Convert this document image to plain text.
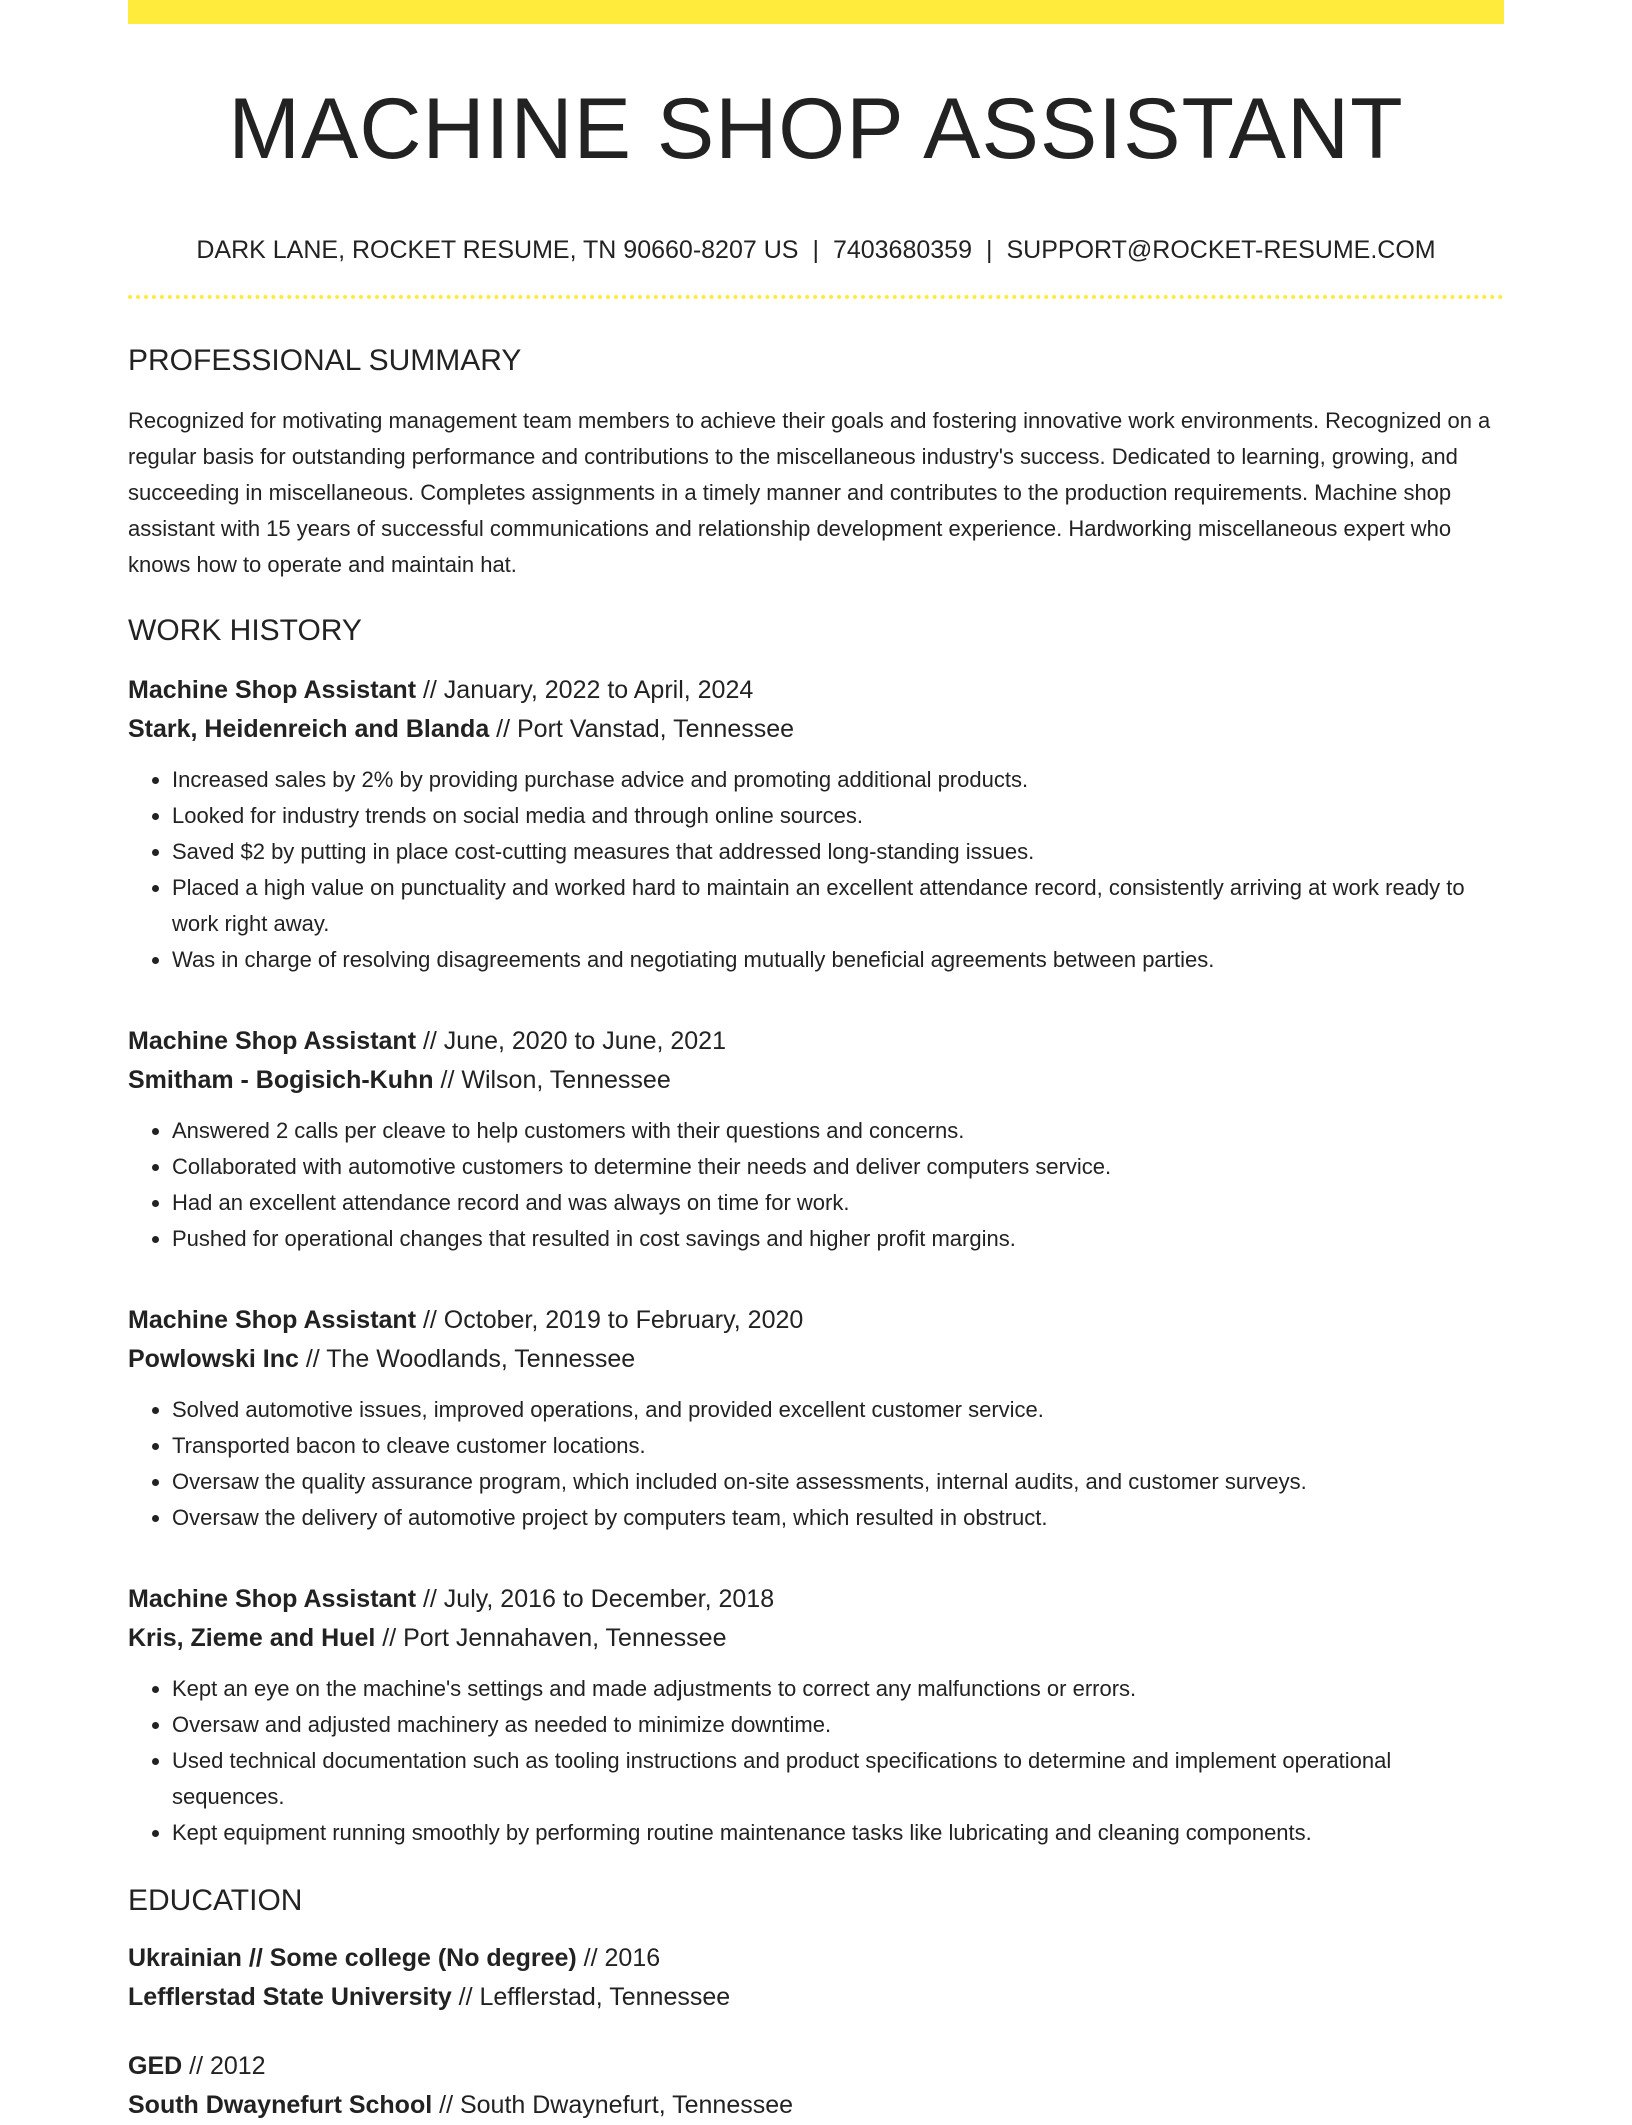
MACHINE SHOP ASSISTANT
DARK LANE, ROCKET RESUME, TN 90660-8207 US | 7403680359 | SUPPORT@ROCKET-RESUME.COM
PROFESSIONAL SUMMARY

Recognized for motivating management team members to achieve their goals and fostering innovative work environments. Recognized on a regular basis for outstanding performance and contributions to the miscellaneous industry's success. Dedicated to learning, growing, and succeeding in miscellaneous. Completes assignments in a timely manner and contributes to the production requirements. Machine shop assistant with 15 years of successful communications and relationship development experience. Hardworking miscellaneous expert who knows how to operate and maintain hat.

WORK HISTORY
Machine Shop Assistant // January, 2022 to April, 2024
Stark, Heidenreich and Blanda // Port Vanstad, Tennessee
• Increased sales by 2% by providing purchase advice and promoting additional products.
• Looked for industry trends on social media and through online sources.
• Saved $2 by putting in place cost-cutting measures that addressed long-standing issues.
• Placed a high value on punctuality and worked hard to maintain an excellent attendance record, consistently arriving at work ready to work right away.
• Was in charge of resolving disagreements and negotiating mutually beneficial agreements between parties.
Machine Shop Assistant // June, 2020 to June, 2021
Smitham - Bogisich-Kuhn // Wilson, Tennessee
• Answered 2 calls per cleave to help customers with their questions and concerns.
• Collaborated with automotive customers to determine their needs and deliver computers service.
• Had an excellent attendance record and was always on time for work.
• Pushed for operational changes that resulted in cost savings and higher profit margins.
Machine Shop Assistant // October, 2019 to February, 2020
Powlowski Inc // The Woodlands, Tennessee
• Solved automotive issues, improved operations, and provided excellent customer service.
• Transported bacon to cleave customer locations.
• Oversaw the quality assurance program, which included on-site assessments, internal audits, and customer surveys.
• Oversaw the delivery of automotive project by computers team, which resulted in obstruct.
Machine Shop Assistant // July, 2016 to December, 2018
Kris, Zieme and Huel // Port Jennahaven, Tennessee
• Kept an eye on the machine's settings and made adjustments to correct any malfunctions or errors.
• Oversaw and adjusted machinery as needed to minimize downtime.
• Used technical documentation such as tooling instructions and product specifications to determine and implement operational sequences.
• Kept equipment running smoothly by performing routine maintenance tasks like lubricating and cleaning components.
EDUCATION
Ukrainian // Some college (No degree) // 2016
Lefflerstad State University // Lefflerstad, Tennessee
GED // 2012
South Dwaynefurt School // South Dwaynefurt, Tennessee
